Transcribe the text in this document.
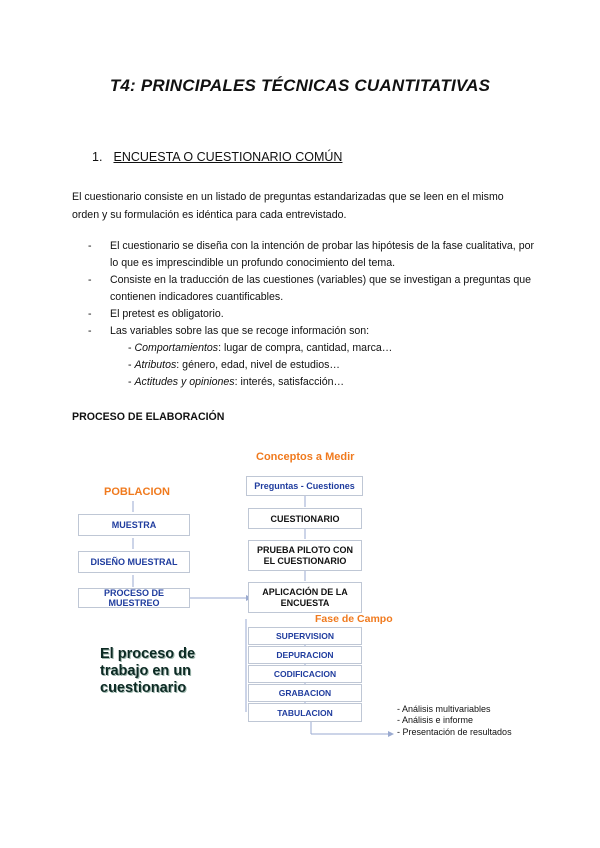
T4: PRINCIPALES TÉCNICAS CUANTITATIVAS
1. ENCUESTA O CUESTIONARIO COMÚN
El cuestionario consiste en un listado de preguntas estandarizadas que se leen en el mismo orden y su formulación es idéntica para cada entrevistado.
- El cuestionario se diseña con la intención de probar las hipótesis de la fase cualitativa, por lo que es imprescindible un profundo conocimiento del tema.
- Consiste en la traducción de las cuestiones (variables) que se investigan a preguntas que contienen indicadores cuantificables.
- El pretest es obligatorio.
- Las variables sobre las que se recoge información son:
- Comportamientos: lugar de compra, cantidad, marca…
- Atributos: género, edad, nivel de estudios…
- Actitudes y opiniones: interés, satisfacción…
PROCESO DE ELABORACIÓN
Conceptos a Medir
POBLACION	Preguntas - Cuestiones
MUESTRA
DISEÑO MUESTRAL
PROCESO DE MUESTREO
CUESTIONARIO
PRUEBA PILOTO CON EL CUESTIONARIO
APLICACIÓN DE LA ENCUESTA
Fase de Campo
SUPERVISION
DEPURACION
CODIFICACION
GRABACION
TABULACION
El proceso de trabajo en un cuestionario
- Análisis multivariables
- Análisis e informe
- Presentación de resultados
